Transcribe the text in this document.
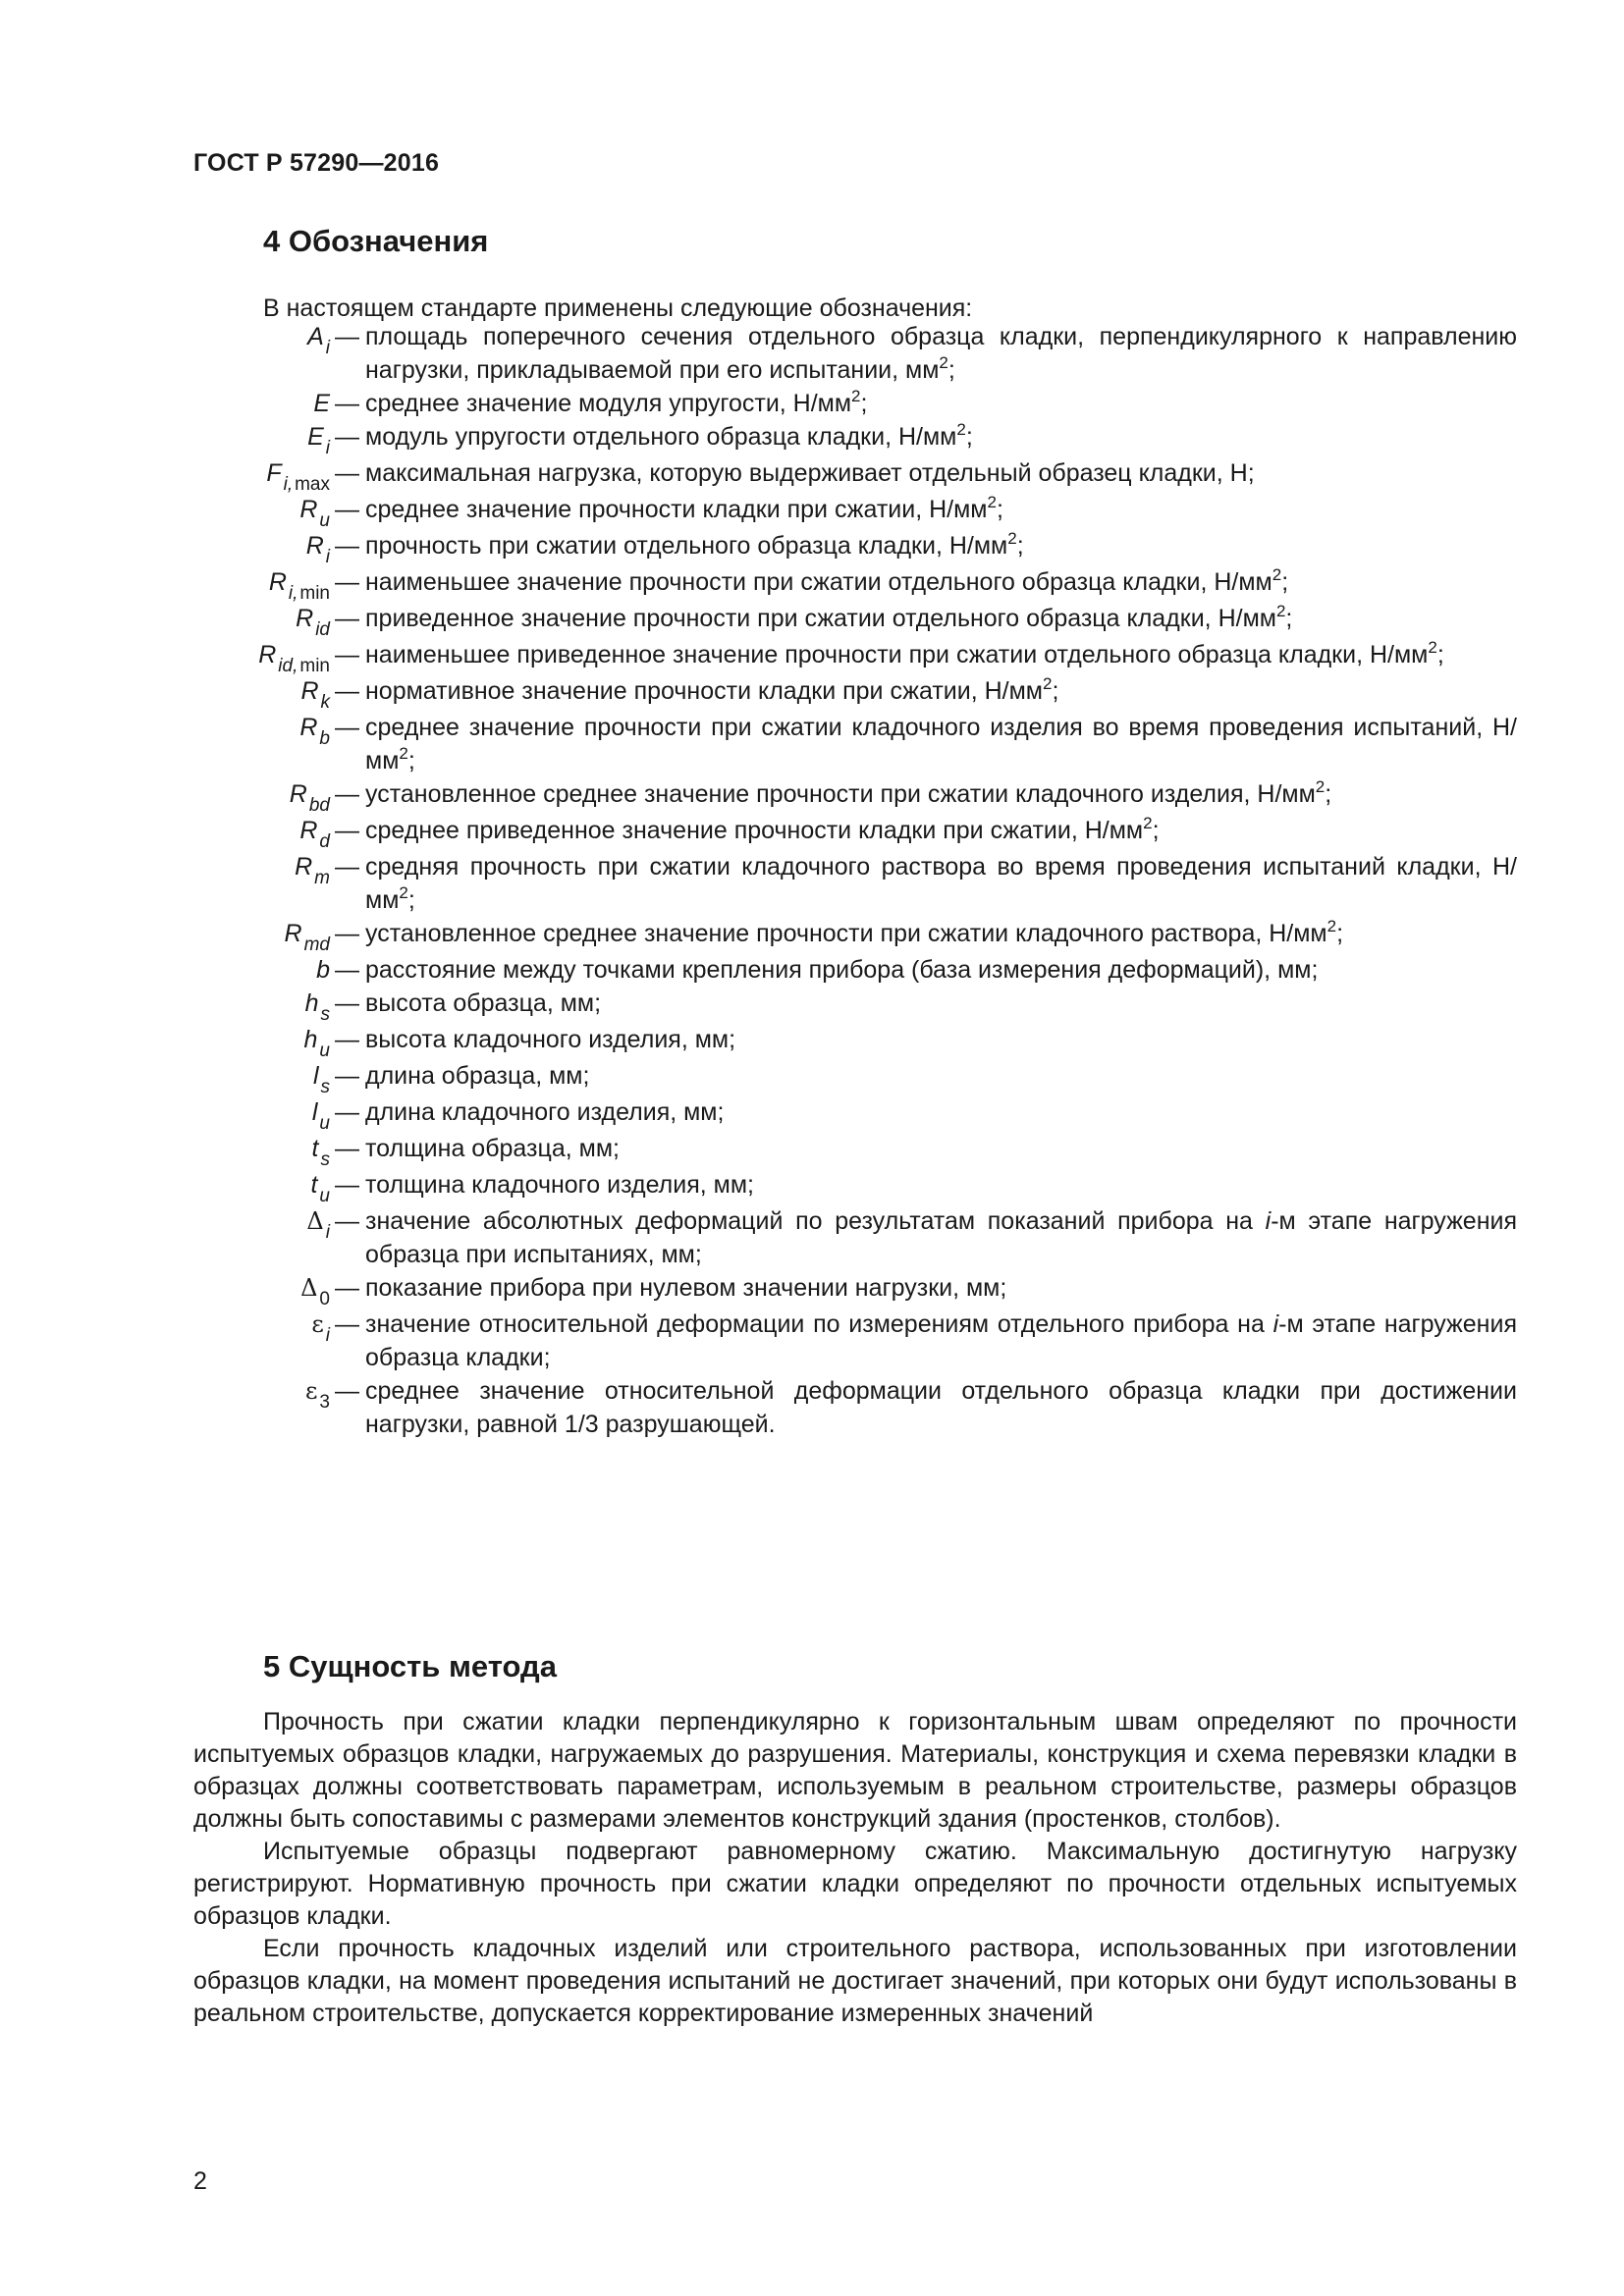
ГОСТ Р 57290—2016
4 Обозначения
В настоящем стандарте применены следующие обозначения:
A $_i$ — площадь поперечного сечения отдельного образца кладки, перпендикулярного к направлению нагрузки, прикладываемой при его испытании, $мм^2$;
E — среднее значение модуля упругости, $Н/мм^2$;
E $_i$ — модуль упругости отдельного образца кладки, $Н/мм^2$;
F $_{i,}$ $_{max}$ — максимальная нагрузка, которую выдерживает отдельный образец кладки, Н;
R $_u$ — среднее значение прочности кладки при сжатии, $Н/мм^2$;
R $_i$ — прочность при сжатии отдельного образца кладки, $Н/мм^2$;
R $_{i,}$ $_{min}$ — наименьшее значение прочности при сжатии отдельного образца кладки, $Н/мм^2$;
R $_{id}$ — приведенное значение прочности при сжатии отдельного образца кладки, $Н/мм^2$;
R $_{id,}$ $_{min}$ — наименьшее приведенное значение прочности при сжатии отдельного образца кладки, $Н/мм^2$;
R $_k$ — нормативное значение прочности кладки при сжатии, $Н/мм^2$;
R $_b$ — среднее значение прочности при сжатии кладочного изделия во время проведения испытаний, $Н/мм^2$;
R $_{bd}$ — установленное среднее значение прочности при сжатии кладочного изделия, $Н/мм^2$;
R $_d$ — среднее приведенное значение прочности кладки при сжатии, $Н/мм^2$;
R $_m$ — средняя прочность при сжатии кладочного раствора во время проведения испытаний кладки, $Н/мм^2$;
R $_{md}$ — установленное среднее значение прочности при сжатии кладочного раствора, $Н/мм^2$;
b — расстояние между точками крепления прибора (база измерения деформаций), мм;
h $_s$ — высота образца, мм;
h $_u$ — высота кладочного изделия, мм;
l $_s$ — длина образца, мм;
l $_u$ — длина кладочного изделия, мм;
t $_s$ — толщина образца, мм;
t $_u$ — толщина кладочного изделия, мм;
Δ $_i$ — значение абсолютных деформаций по результатам показаний прибора на i-м этапе нагружения образца при испытаниях, мм;
Δ $_0$ — показание прибора при нулевом значении нагрузки, мм;
ε $_i$ — значение относительной деформации по измерениям отдельного прибора на i-м этапе нагружения образца кладки;
ε $_3$ — среднее значение относительной деформации отдельного образца кладки при достижении нагрузки, равной 1/3 разрушающей.
5 Сущность метода

Прочность при сжатии кладки перпендикулярно к горизонтальным швам определяют по прочности испытуемых образцов кладки, нагружаемых до разрушения. Материалы, конструкция и схема перевязки кладки в образцах должны соответствовать параметрам, используемым в реальном строительстве, размеры образцов должны быть сопоставимы с размерами элементов конструкций здания (простенков, столбов).

Испытуемые образцы подвергают равномерному сжатию. Максимальную достигнутую нагрузку регистрируют. Нормативную прочность при сжатии кладки определяют по прочности отдельных испытуемых образцов кладки.

Если прочность кладочных изделий или строительного раствора, использованных при изготовлении образцов кладки, на момент проведения испытаний не достигает значений, при которых они будут использованы в реальном строительстве, допускается корректирование измеренных значений

2
